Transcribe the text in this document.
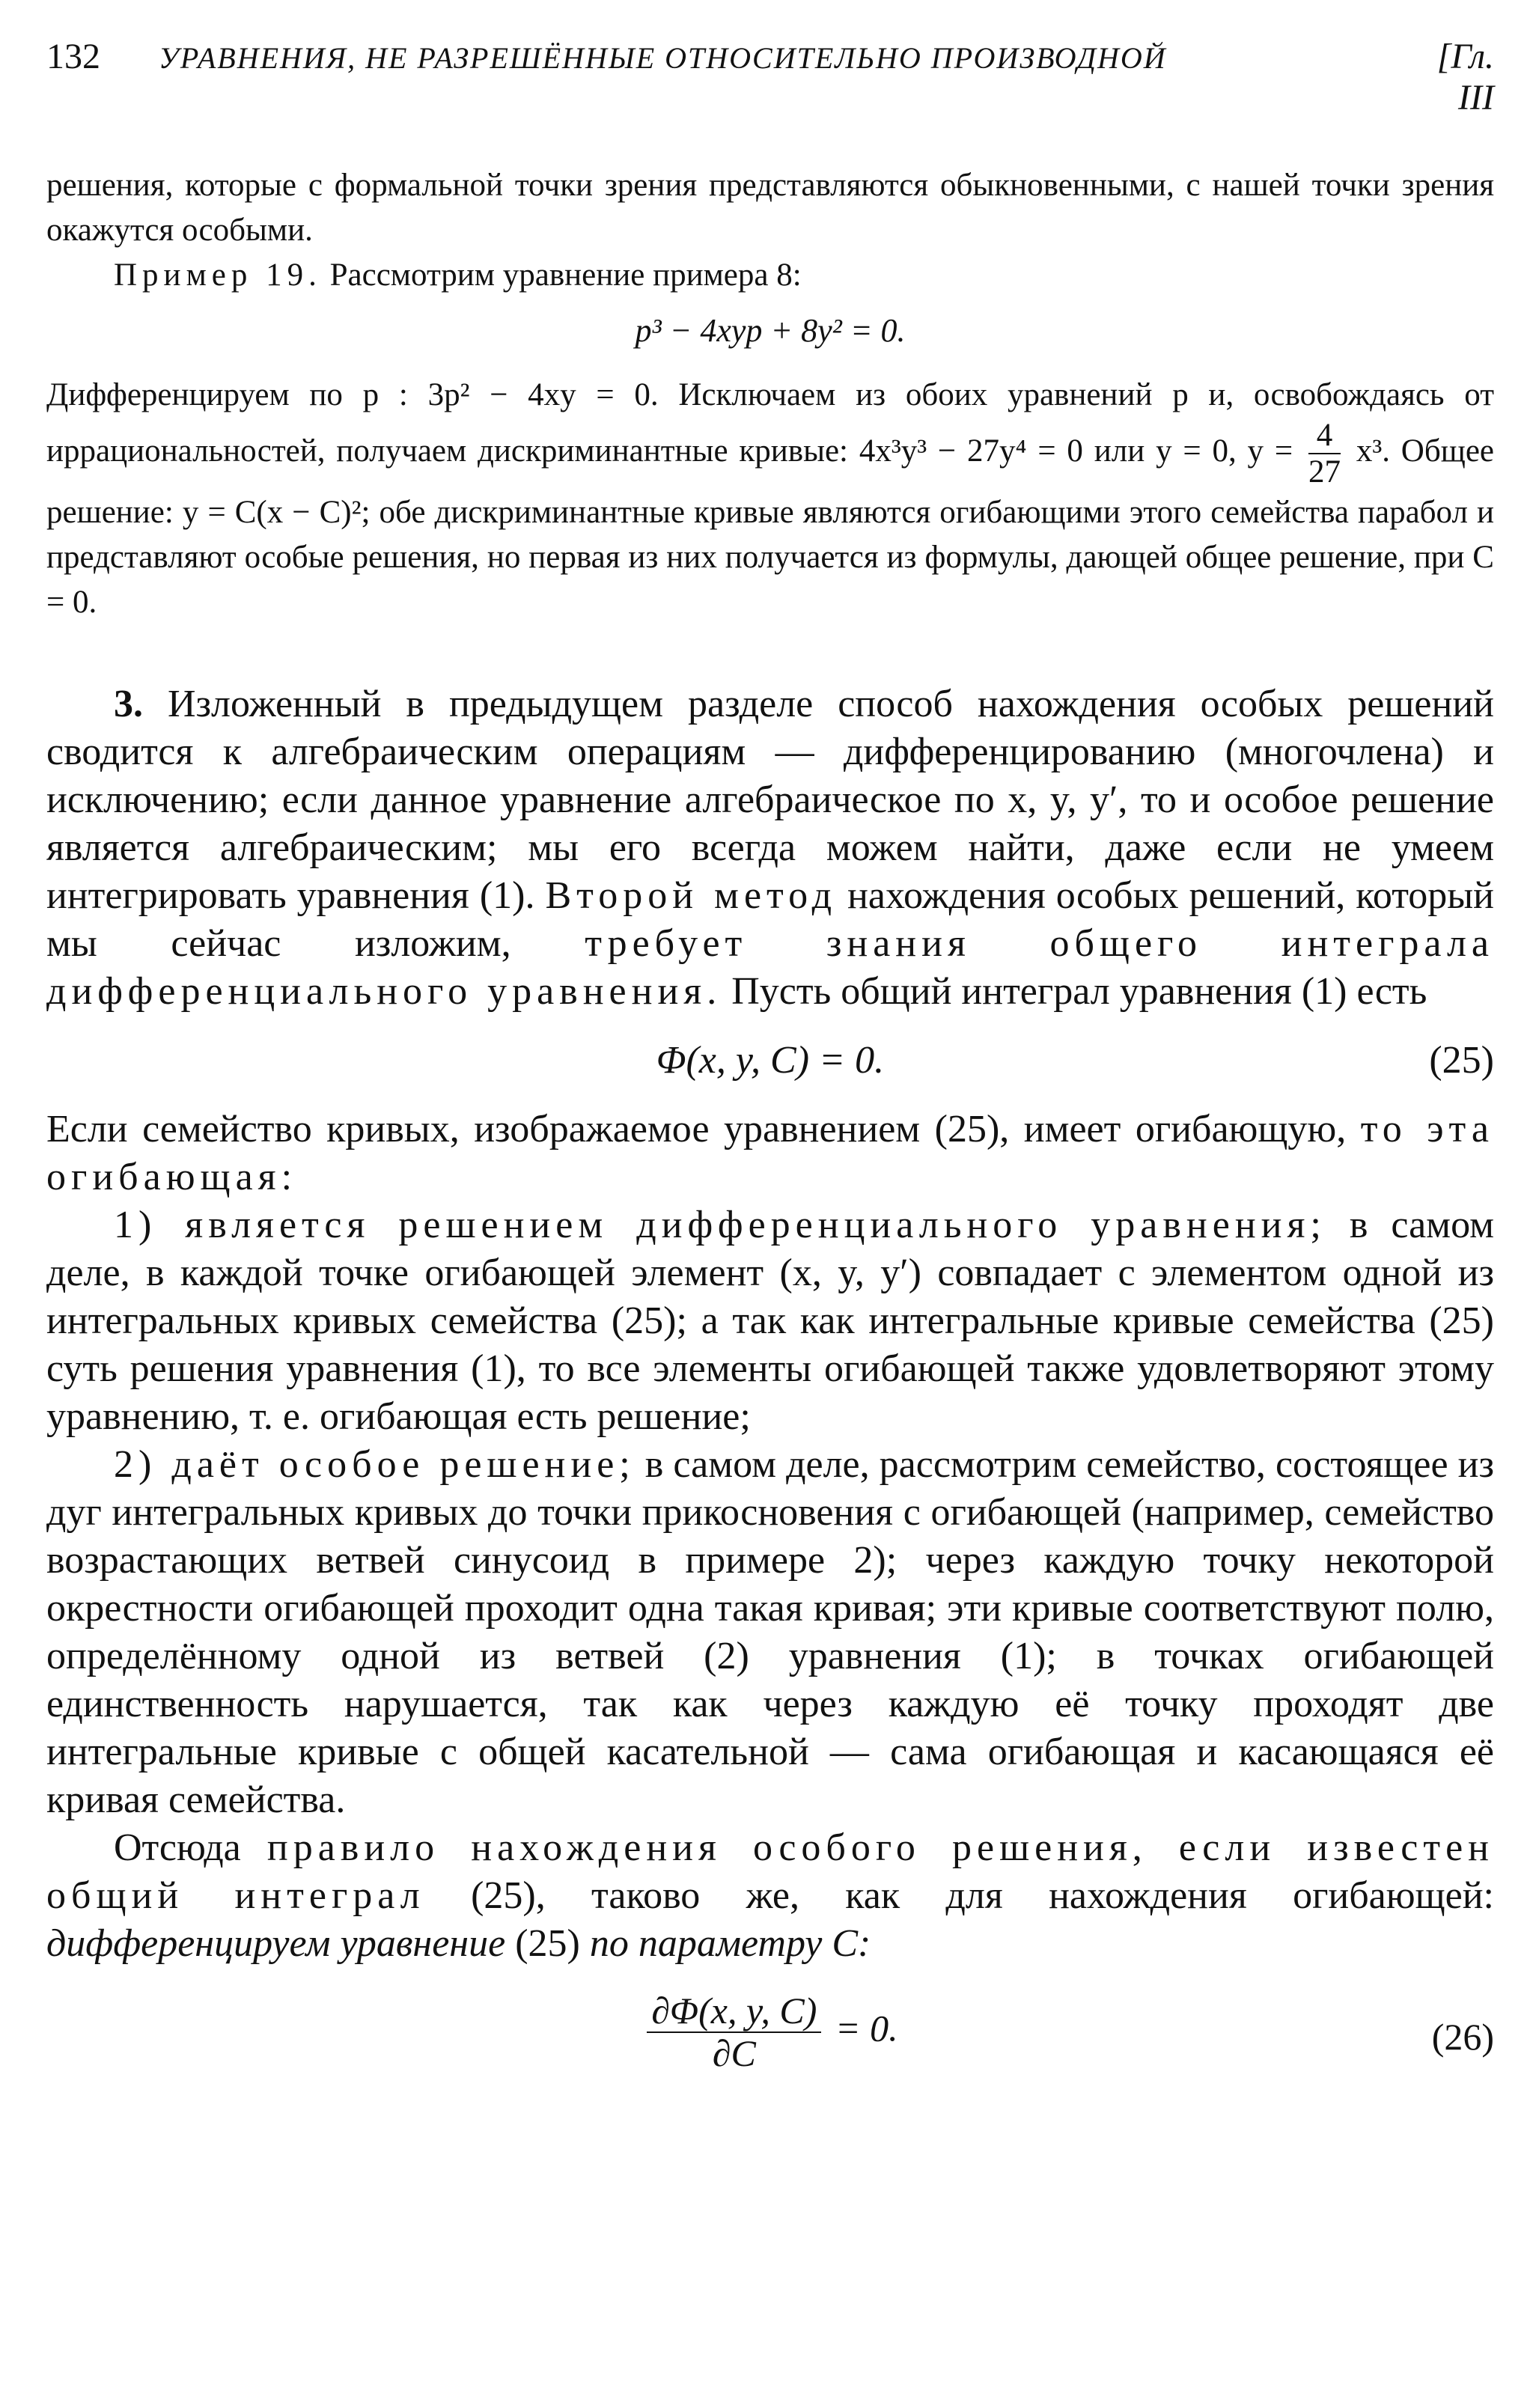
132	УРАВНЕНИЯ, НЕ РАЗРЕШЁННЫЕ ОТНОСИТЕЛЬНО ПРОИЗВОДНОЙ	[Гл. III

решения, которые с формальной точки зрения представляются обыкновенными, с нашей точки зрения окажутся особыми.

Пример 19. Рассмотрим уравнение примера 8:

p³ − 4xyp + 8y² = 0.

Дифференцируем по p : 3p² − 4xy = 0. Исключаем из обоих уравнений p и, освобождаясь от иррациональностей, получаем дискриминантные кривые: 4x³y³ − 27y⁴ = 0 или y = 0, $y = \frac{4}{27} x^3$. Общее решение: y = C(x − C)²; обе дискриминантные кривые являются огибающими этого семейства парабол и представляют особые решения, но первая из них получается из формулы, дающей общее решение, при C = 0.

3. Изложенный в предыдущем разделе способ нахождения особых решений сводится к алгебраическим операциям — дифференцированию (многочлена) и исключению; если данное уравнение алгебраическое по x, y, y′, то и особое решение является алгебраическим; мы его всегда можем найти, даже если не умеем интегрировать уравнения (1). Второй метод нахождения особых решений, который мы сейчас изложим, требует знания общего интеграла дифференциального уравнения. Пусть общий интеграл уравнения (1) есть

Φ(x, y, C) = 0.	(25)

Если семейство кривых, изображаемое уравнением (25), имеет огибающую, то эта огибающая:

1) является решением дифференциального уравнения; в самом деле, в каждой точке огибающей элемент (x, y, y′) совпадает с элементом одной из интегральных кривых семейства (25); а так как интегральные кривые семейства (25) суть решения уравнения (1), то все элементы огибающей также удовлетворяют этому уравнению, т. е. огибающая есть решение;

2) даёт особое решение; в самом деле, рассмотрим семейство, состоящее из дуг интегральных кривых до точки прикосновения с огибающей (например, семейство возрастающих ветвей синусоид в примере 2); через каждую точку некоторой окрестности огибающей проходит одна такая кривая; эти кривые соответствуют полю, определённому одной из ветвей (2) уравнения (1); в точках огибающей единственность нарушается, так как через каждую её точку проходят две интегральные кривые с общей касательной — сама огибающая и касающаяся её кривая семейства.

Отсюда правило нахождения особого решения, если известен общий интеграл (25), таково же, как для нахождения огибающей: дифференцируем уравнение (25) по параметру C:

$\frac{\partial\Phi(x, y, C)}{\partial C} = 0$.	(26)
